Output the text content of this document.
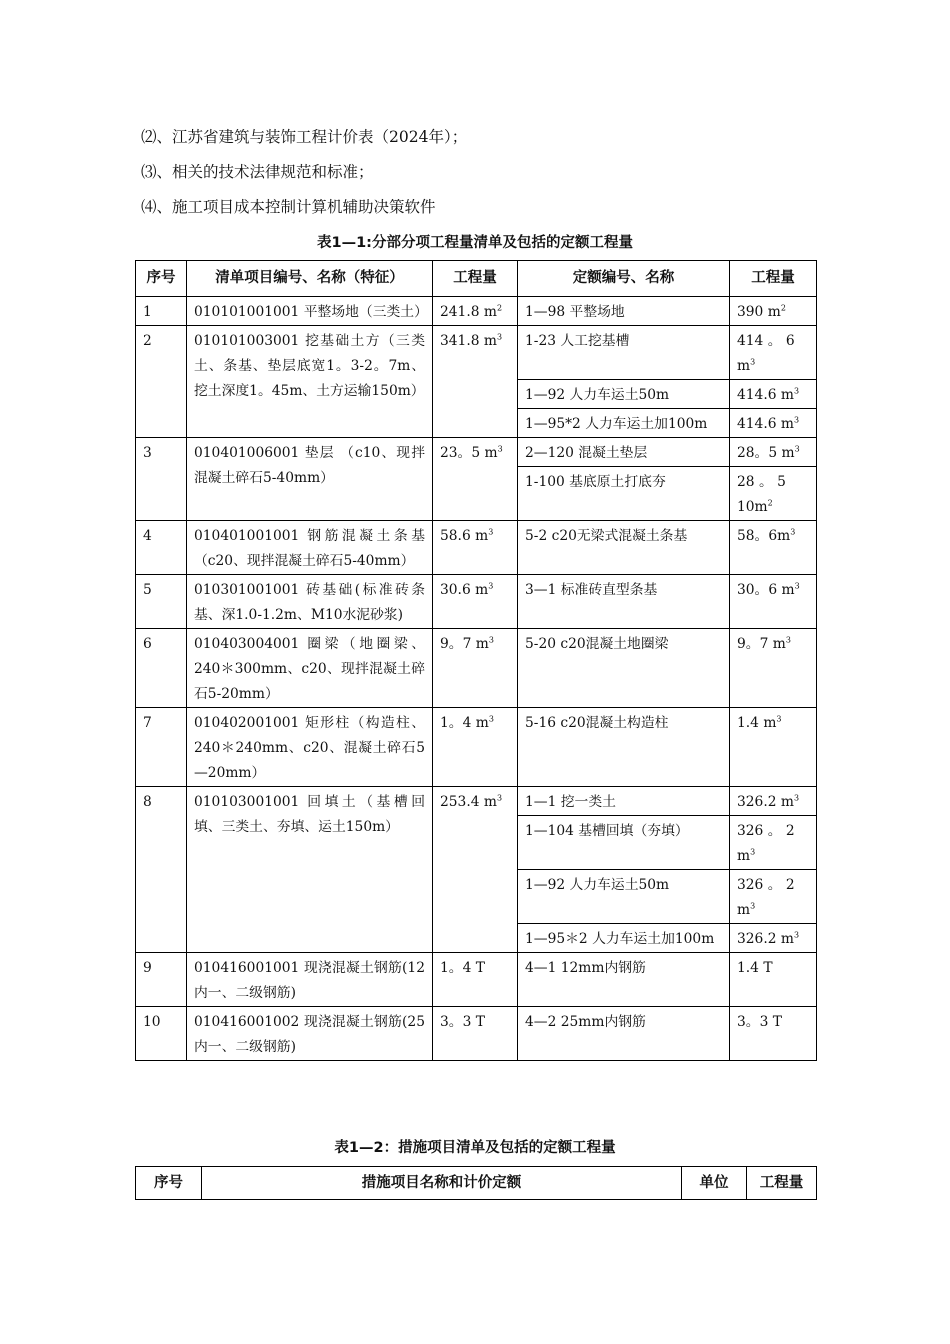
⑵、江苏省建筑与装饰工程计价表（2024年）；
⑶、相关的技术法律规范和标准；
⑷、施工项目成本控制计算机辅助决策软件
表1—1:分部分项工程量清单及包括的定额工程量
序号	清单项目编号、名称（特征）	工程量	定额编号、名称	工程量
1	010101001001 平整场地（三类土）	241.8 $m^2$	1—98 平整场地	390 $m^2$
2	010101003001 挖基础土方（三类土、条基、垫层底宽1。3-2。7m、挖土深度1。45m、土方运输150m）	341.8 $m^3$	1-23 人工挖基槽	414 。 6 $m^3$
			1—92 人力车运土50m	414.6 $m^3$
			1—95*2 人力车运土加100m	414.6 $m^3$
3	010401006001 垫层 （c10、现拌混凝土碎石5-40mm）	23。5 $m^3$	2—120 混凝土垫层	28。5 $m^3$
			1-100 基底原土打底夯	28 。 5 $10m^2$
4	010401001001 钢筋混凝土条基（c20、现拌混凝土碎石5-40mm）	58.6 $m^3$	5-2 c20无梁式混凝土条基	58。$6m^3$
5	010301001001 砖基础(标准砖条基、深1.0-1.2m、M10水泥砂浆)	30.6 $m^3$	3—1 标准砖直型条基	30。6 $m^3$
6	010403004001 圈梁（地圈梁、240＊300mm、c20、现拌混凝土碎石5-20mm）	9。7 $m^3$	5-20 c20混凝土地圈梁	9。7 $m^3$
7	010402001001 矩形柱（构造柱、240＊240mm、c20、混凝土碎石5—20mm）	1。4 $m^3$	5-16 c20混凝土构造柱	1.4 $m^3$
8	010103001001 回填土（基槽回填、三类土、夯填、运土150m）	253.4 $m^3$	1—1 挖一类土	326.2 $m^3$
			1—104 基槽回填（夯填）	326 。 2 $m^3$
			1—92 人力车运土50m	326 。 2 $m^3$
			1—95＊2 人力车运土加100m	326.2 $m^3$
9	010416001001 现浇混凝土钢筋(12内一、二级钢筋)	1。4 T	4—1 12mm内钢筋	1.4 T
10	010416001002 现浇混凝土钢筋(25内一、二级钢筋)	3。3 T	4—2 25mm内钢筋	3。3 T
表1—2：措施项目清单及包括的定额工程量
序号	措施项目名称和计价定额	单位	工程量
